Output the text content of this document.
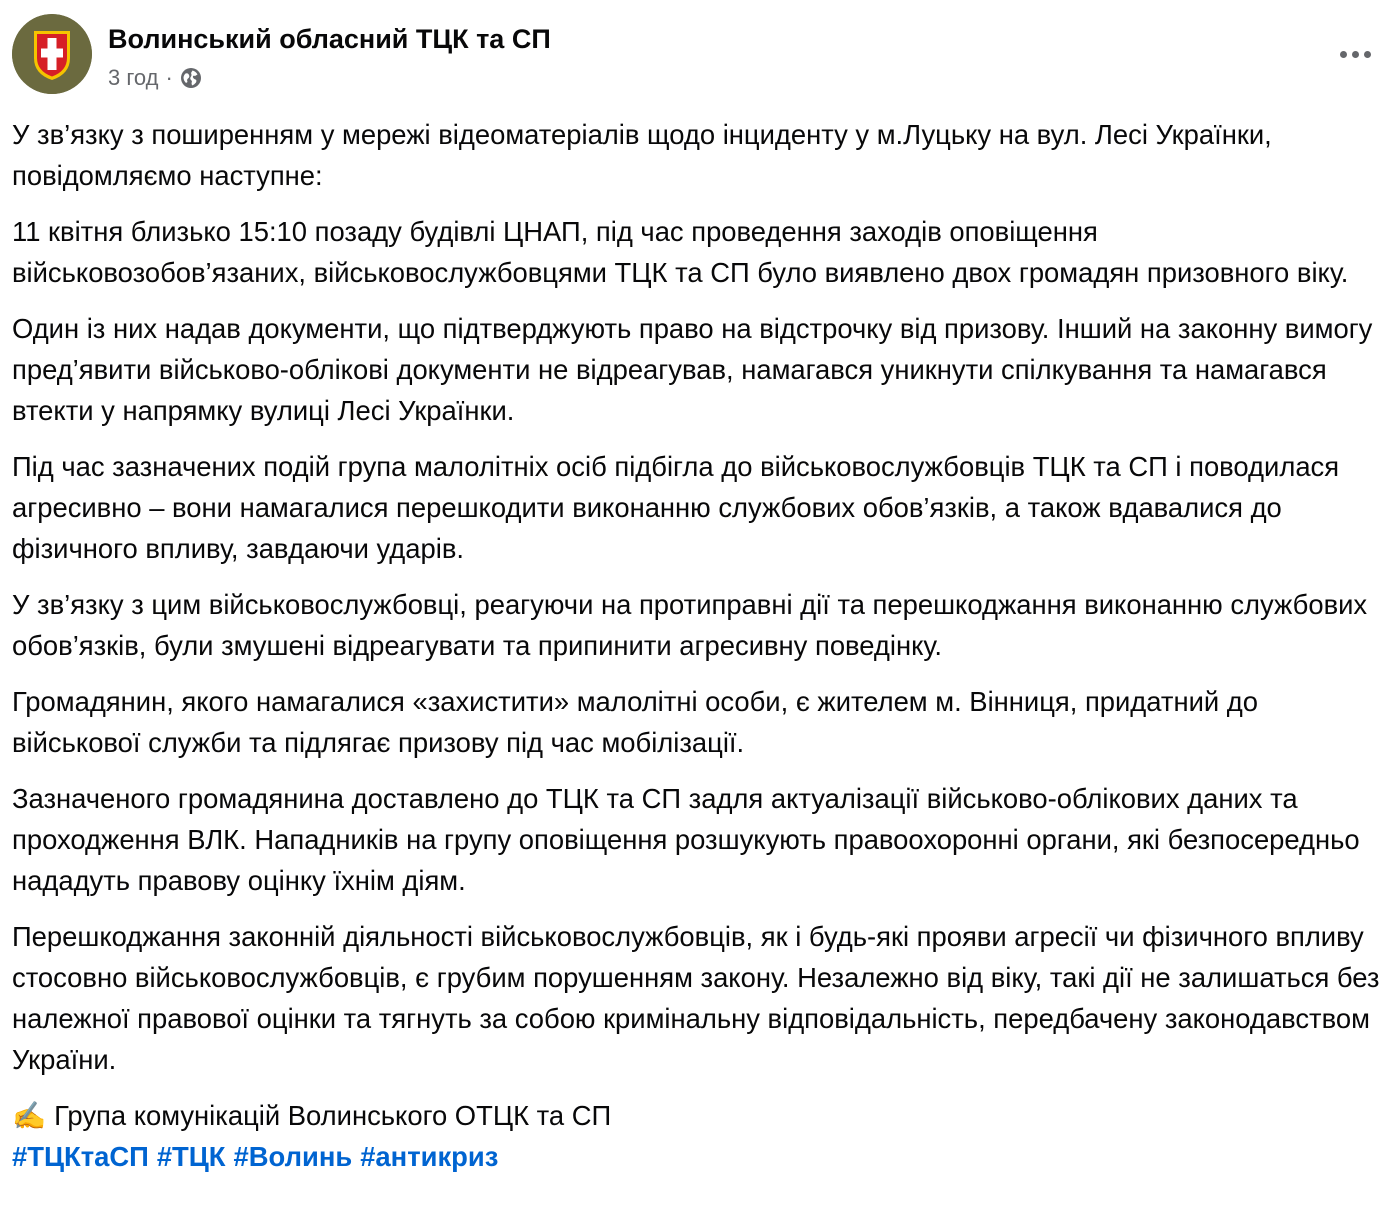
Волинський обласний ТЦК та СП
3 год ·

У зв’язку з поширенням у мережі відеоматеріалів щодо інциденту у м.Луцьку на вул. Лесі Українки, повідомляємо наступне:

11 квітня близько 15:10 позаду будівлі ЦНАП, під час проведення заходів оповіщення військовозобов’язаних, військовослужбовцями ТЦК та СП було виявлено двох громадян призовного віку.

Один із них надав документи, що підтверджують право на відстрочку від призову. Інший на законну вимогу пред’явити військово-облікові документи не відреагував, намагався уникнути спілкування та намагався втекти у напрямку вулиці Лесі Українки.

Під час зазначених подій група малолітніх осіб підбігла до військовослужбовців ТЦК та СП і поводилася агресивно – вони намагалися перешкодити виконанню службових обов’язків, а також вдавалися до фізичного впливу, завдаючи ударів.

У зв’язку з цим військовослужбовці, реагуючи на протиправні дії та перешкоджання виконанню службових обов’язків, були змушені відреагувати та припинити агресивну поведінку.

Громадянин, якого намагалися «захистити» малолітні особи, є жителем м. Вінниця, придатний до військової служби та підлягає призову під час мобілізації.

Зазначеного громадянина доставлено до ТЦК та СП задля актуалізації військово-облікових даних та проходження ВЛК. Нападників на групу оповіщення розшукують правоохоронні органи, які безпосередньо нададуть правову оцінку їхнім діям.

Перешкоджання законній діяльності військовослужбовців, як і будь-які прояви агресії чи фізичного впливу стосовно військовослужбовців, є грубим порушенням закону. Незалежно від віку, такі дії не залишаться без належної правової оцінки та тягнуть за собою кримінальну відповідальність, передбачену законодавством України.

✍️ Група комунікацій Волинського ОТЦК та СП
#ТЦКтаСП #ТЦК #Волинь #антикриз
